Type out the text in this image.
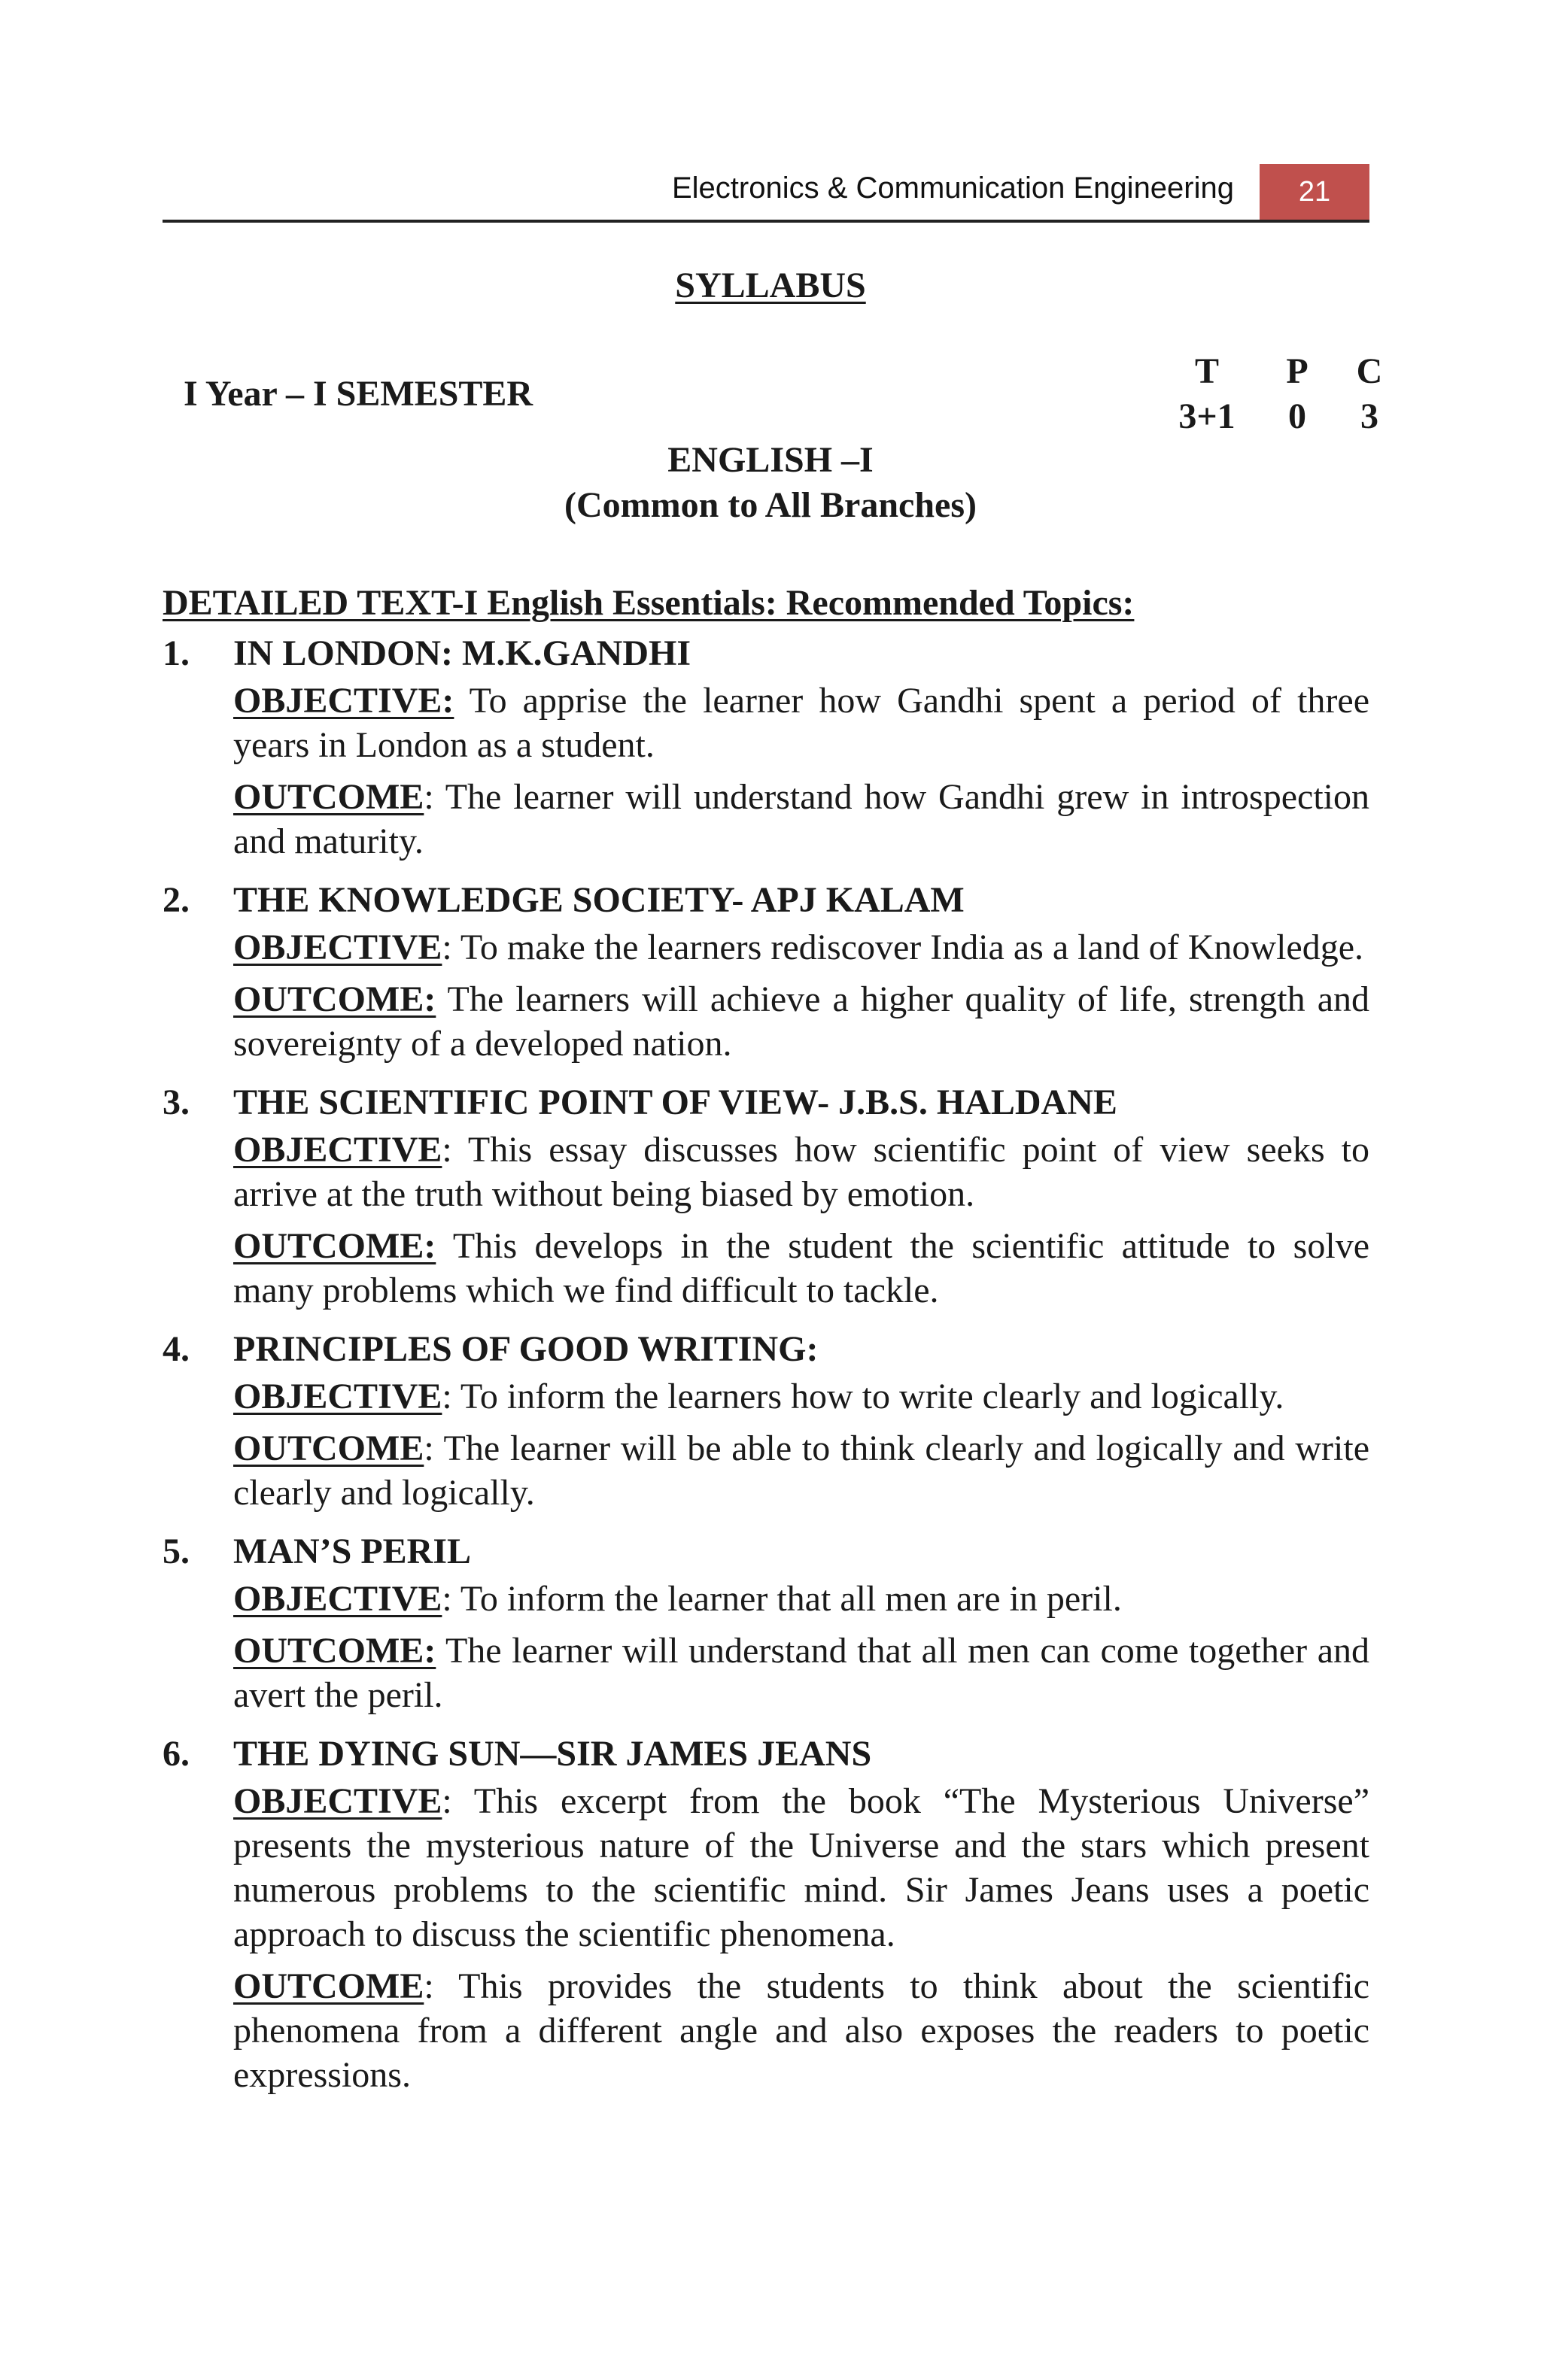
Electronics & Communication Engineering	21
SYLLABUS
I Year – I SEMESTER
T	P	C
3+1	0	3
ENGLISH –I
(Common to All Branches)
DETAILED TEXT-I English Essentials: Recommended Topics:
1.	IN LONDON: M.K.GANDHI
OBJECTIVE: To apprise the learner how Gandhi spent a period of three years in London as a student.
OUTCOME: The learner will understand how Gandhi grew in introspection and maturity.
2.	THE KNOWLEDGE SOCIETY- APJ KALAM
OBJECTIVE: To make the learners rediscover India as a land of Knowledge.
OUTCOME: The learners will achieve a higher quality of life, strength and sovereignty of a developed nation.
3.	THE SCIENTIFIC POINT OF VIEW- J.B.S. HALDANE
OBJECTIVE: This essay discusses how scientific point of view seeks to arrive at the truth without being biased by emotion.
OUTCOME: This develops in the student the scientific attitude to solve many problems which we find difficult to tackle.
4.	PRINCIPLES OF GOOD WRITING:
OBJECTIVE: To inform the learners how to write clearly and logically.
OUTCOME: The learner will be able to think clearly and logically and write clearly and logically.
5.	MAN’S PERIL
OBJECTIVE: To inform the learner that all men are in peril.
OUTCOME: The learner will understand that all men can come together and avert the peril.
6.	THE DYING SUN—SIR JAMES JEANS
OBJECTIVE: This excerpt from the book “The Mysterious Universe” presents the mysterious nature of the Universe and the stars which present numerous problems to the scientific mind. Sir James Jeans uses a poetic approach to discuss the scientific phenomena.
OUTCOME: This provides the students to think about the scientific phenomena from a different angle and also exposes the readers to poetic expressions.
